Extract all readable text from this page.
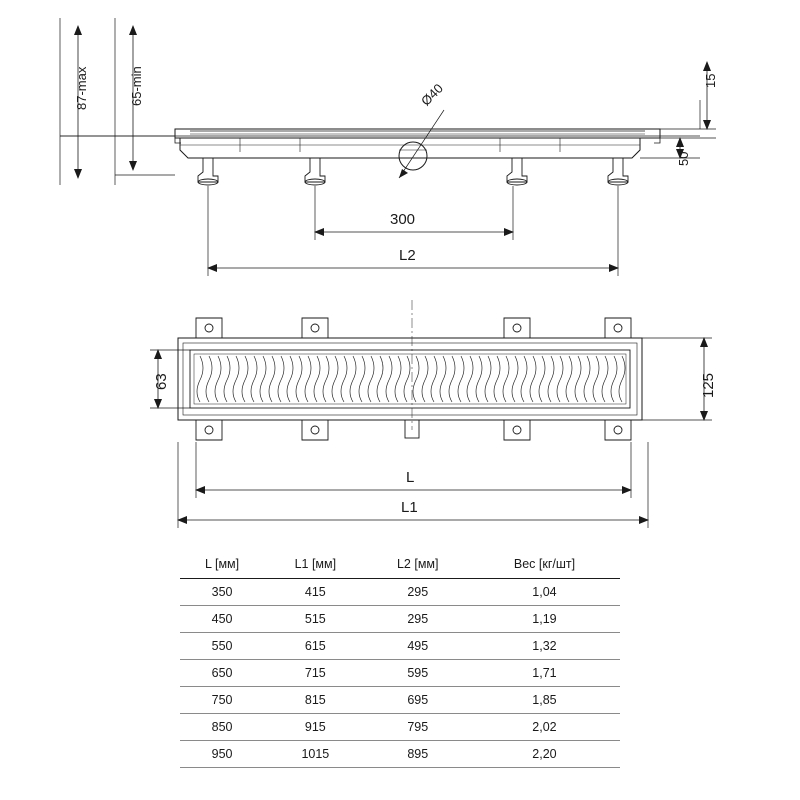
87-max	65-min	Ø40	15
50
300
L2
63	125
L
L1
L [мм]	L1 [мм]	L2 [мм]	Вес [кг/шт]
350	415	295	1,04
450	515	295	1,19
550	615	495	1,32
650	715	595	1,71
750	815	695	1,85
850	915	795	2,02
950	1015	895	2,20
